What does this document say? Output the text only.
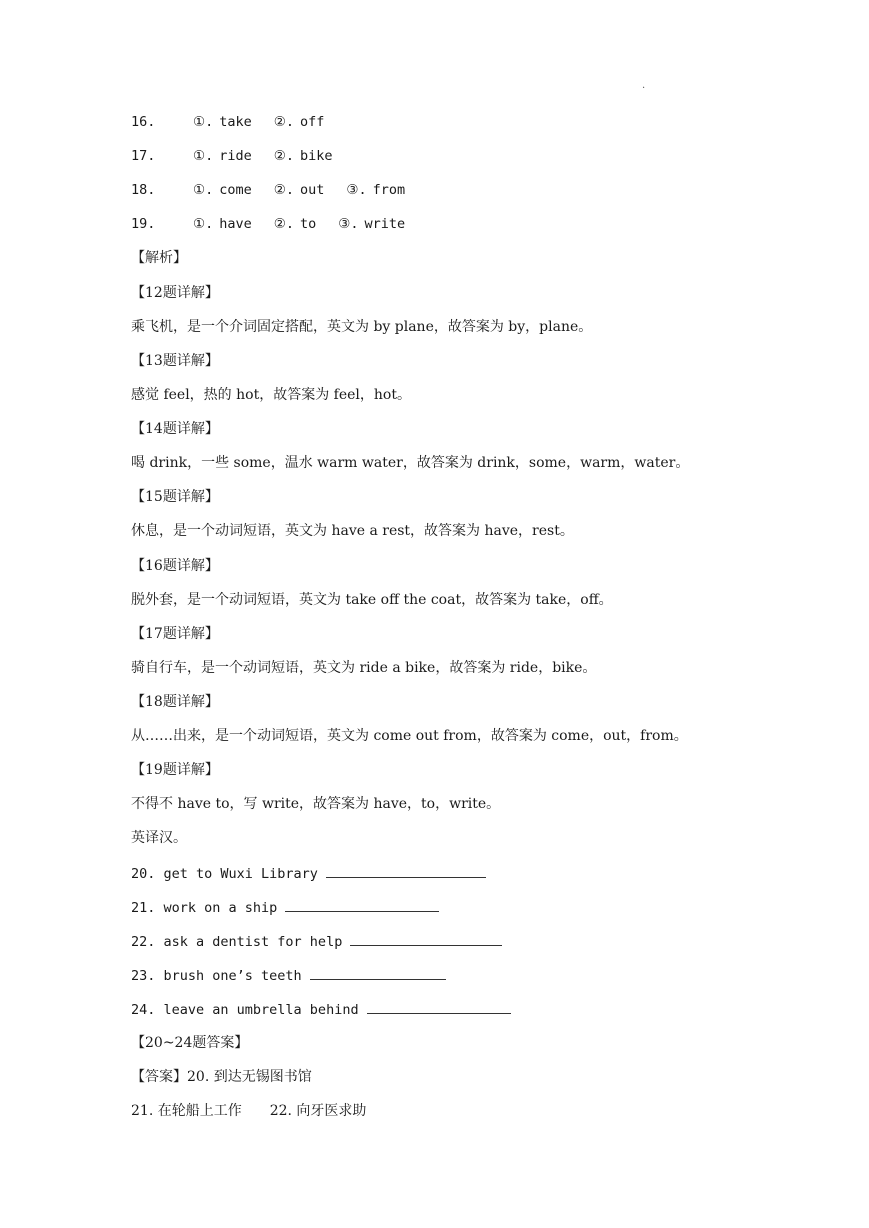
.
16.	①. take ②. off
17.	①. ride ②. bike
18.	①. come ②. out ③. from
19.	①. have ②. to ③. write
【解析】
【12题详解】
乘飞机，是一个介词固定搭配，英文为 by plane，故答案为 by，plane。
【13题详解】
感觉 feel，热的 hot，故答案为 feel，hot。
【14题详解】
喝 drink，一些 some，温水 warm water，故答案为 drink，some，warm，water。
【15题详解】
休息，是一个动词短语，英文为 have a rest，故答案为 have，rest。
【16题详解】
脱外套，是一个动词短语，英文为 take off the coat，故答案为 take，off。
【17题详解】
骑自行车，是一个动词短语，英文为 ride a bike，故答案为 ride，bike。
【18题详解】
从……出来，是一个动词短语，英文为 come out from，故答案为 come，out，from。
【19题详解】
不得不 have to，写 write，故答案为 have，to，write。
英译汉。
20. get to Wuxi Library
21. work on a ship
22. ask a dentist for help
23. brush one’s teeth
24. leave an umbrella behind
【20~24题答案】
【答案】20. 到达无锡图书馆
21. 在轮船上工作　　22. 向牙医求助
